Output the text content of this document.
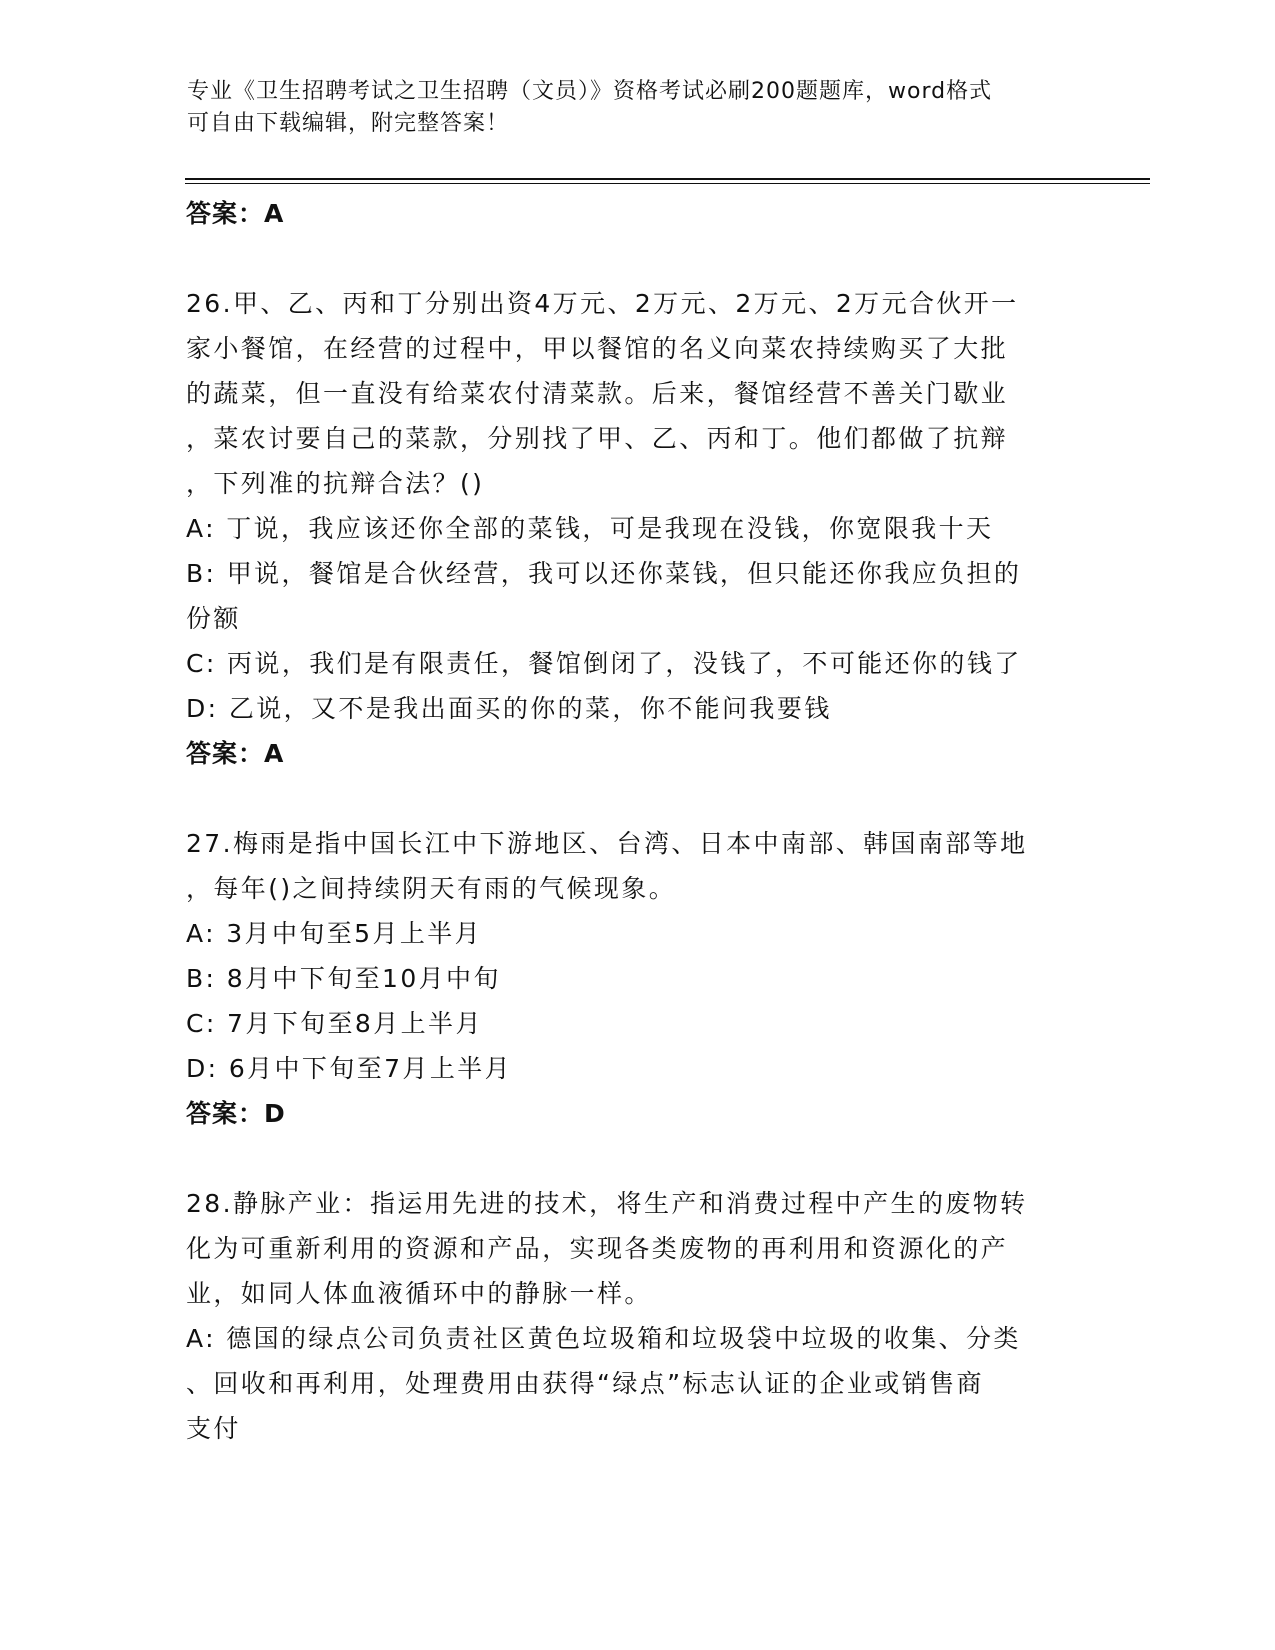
专业《卫生招聘考试之卫生招聘（文员）》资格考试必刷200题题库，word格式
可自由下载编辑，附完整答案！
答案：A
26.甲、乙、丙和丁分别出资4万元、2万元、2万元、2万元合伙开一
家小餐馆，在经营的过程中，甲以餐馆的名义向菜农持续购买了大批
的蔬菜，但一直没有给菜农付清菜款。后来，餐馆经营不善关门歇业
，菜农讨要自己的菜款，分别找了甲、乙、丙和丁。他们都做了抗辩
，下列准的抗辩合法？()
A: 丁说，我应该还你全部的菜钱，可是我现在没钱，你宽限我十天
B: 甲说，餐馆是合伙经营，我可以还你菜钱，但只能还你我应负担的
份额
C: 丙说，我们是有限责任，餐馆倒闭了，没钱了，不可能还你的钱了
D: 乙说，又不是我出面买的你的菜，你不能问我要钱
答案：A
27.梅雨是指中国长江中下游地区、台湾、日本中南部、韩国南部等地
，每年()之间持续阴天有雨的气候现象。
A: 3月中旬至5月上半月
B: 8月中下旬至10月中旬
C: 7月下旬至8月上半月
D: 6月中下旬至7月上半月
答案：D
28.静脉产业：指运用先进的技术，将生产和消费过程中产生的废物转
化为可重新利用的资源和产品，实现各类废物的再利用和资源化的产
业，如同人体血液循环中的静脉一样。
A: 德国的绿点公司负责社区黄色垃圾箱和垃圾袋中垃圾的收集、分类
、回收和再利用，处理费用由获得“绿点”标志认证的企业或销售商
支付
